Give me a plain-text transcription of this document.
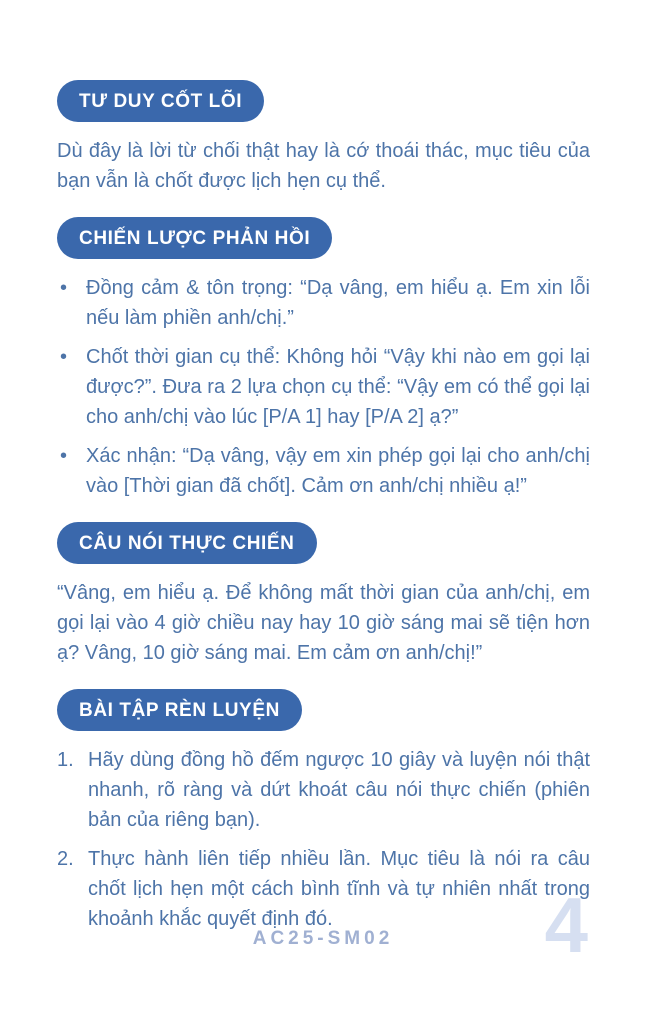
TƯ DUY CỐT LÕI

Dù đây là lời từ chối thật hay là cớ thoái thác, mục tiêu của bạn vẫn là chốt được lịch hẹn cụ thể.

CHIẾN LƯỢC PHẢN HỒI
• Đồng cảm & tôn trọng: “Dạ vâng, em hiểu ạ. Em xin lỗi nếu làm phiền anh/chị.”
• Chốt thời gian cụ thể: Không hỏi “Vậy khi nào em gọi lại được?”. Đưa ra 2 lựa chọn cụ thể: “Vậy em có thể gọi lại cho anh/chị vào lúc [P/A 1] hay [P/A 2] ạ?”
• Xác nhận: “Dạ vâng, vậy em xin phép gọi lại cho anh/chị vào [Thời gian đã chốt]. Cảm ơn anh/chị nhiều ạ!”
CÂU NÓI THỰC CHIẾN

“Vâng, em hiểu ạ. Để không mất thời gian của anh/chị, em gọi lại vào 4 giờ chiều nay hay 10 giờ sáng mai sẽ tiện hơn ạ? Vâng, 10 giờ sáng mai. Em cảm ơn anh/chị!”

BÀI TẬP RÈN LUYỆN
1. Hãy dùng đồng hồ đếm ngược 10 giây và luyện nói thật nhanh, rõ ràng và dứt khoát câu nói thực chiến (phiên bản của riêng bạn).
2. Thực hành liên tiếp nhiều lần. Mục tiêu là nói ra câu chốt lịch hẹn một cách bình tĩnh và tự nhiên nhất trong khoảnh khắc quyết định đó.
AC25-SM02	4
